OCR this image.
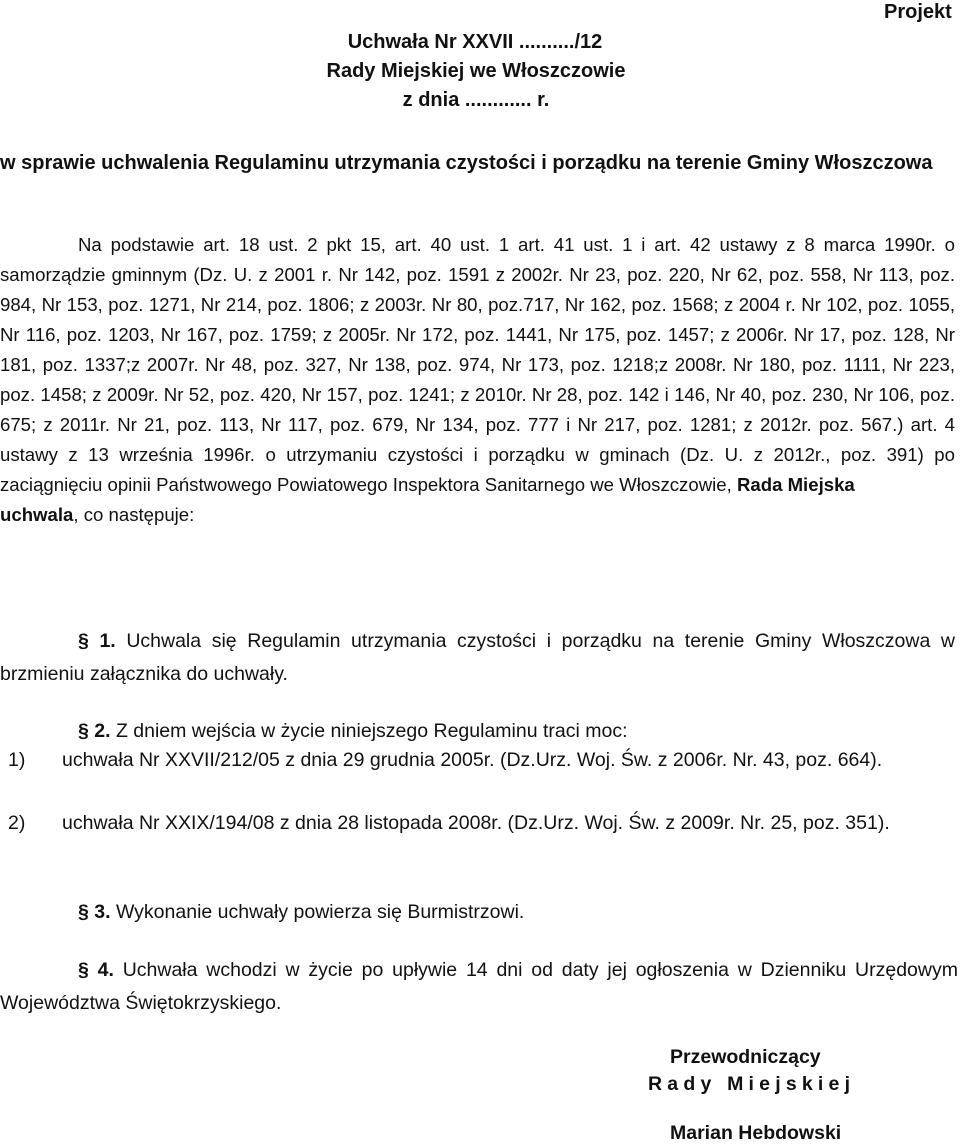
Projekt

Uchwała Nr XXVII ........../12

Rady Miejskiej we Włoszczowie

z dnia ............ r.

w sprawie uchwalenia Regulaminu utrzymania czystości i porządku na terenie Gminy Włoszczowa

Na podstawie art. 18 ust. 2 pkt 15, art. 40 ust. 1 art. 41 ust. 1 i art. 42 ustawy z 8 marca 1990r. o samorządzie gminnym (Dz. U. z 2001 r. Nr 142, poz. 1591 z 2002r. Nr 23, poz. 220, Nr 62, poz. 558, Nr 113, poz. 984, Nr 153, poz. 1271, Nr 214, poz. 1806; z 2003r. Nr 80, poz.717, Nr 162, poz. 1568; z 2004 r. Nr 102, poz. 1055, Nr 116, poz. 1203, Nr 167, poz. 1759; z 2005r. Nr 172, poz. 1441, Nr 175, poz. 1457; z 2006r. Nr 17, poz. 128, Nr 181, poz. 1337;z 2007r. Nr 48, poz. 327, Nr 138, poz. 974, Nr 173, poz. 1218;z 2008r. Nr 180, poz. 1111, Nr 223, poz. 1458; z 2009r. Nr 52, poz. 420, Nr 157, poz. 1241; z 2010r. Nr 28, poz. 142 i 146, Nr 40, poz. 230, Nr 106, poz. 675; z 2011r. Nr 21, poz. 113, Nr 117, poz. 679, Nr 134, poz. 777 i Nr 217, poz. 1281; z 2012r. poz. 567.) art. 4 ustawy z 13 września 1996r. o utrzymaniu czystości i porządku w gminach (Dz. U. z 2012r., poz. 391) po zaciągnięciu opinii Państwowego Powiatowego Inspektora Sanitarnego we Włoszczowie, Rada Miejska
uchwala, co następuje:

§ 1. Uchwala się Regulamin utrzymania czystości i porządku na terenie Gminy Włoszczowa w brzmieniu załącznika do uchwały.

§ 2. Z dniem wejścia w życie niniejszego Regulaminu traci moc:

1) uchwała Nr XXVII/212/05 z dnia 29 grudnia 2005r. (Dz.Urz. Woj. Św. z 2006r. Nr. 43, poz. 664).
2) uchwała Nr XXIX/194/08 z dnia 28 listopada 2008r. (Dz.Urz. Woj. Św. z 2009r. Nr. 25, poz. 351).

§ 3. Wykonanie uchwały powierza się Burmistrzowi.

§ 4. Uchwała wchodzi w życie po upływie 14 dni od daty jej ogłoszenia w Dzienniku Urzędowym Województwa Świętokrzyskiego.

Przewodniczący

Rady Miejskiej

Marian Hebdowski
